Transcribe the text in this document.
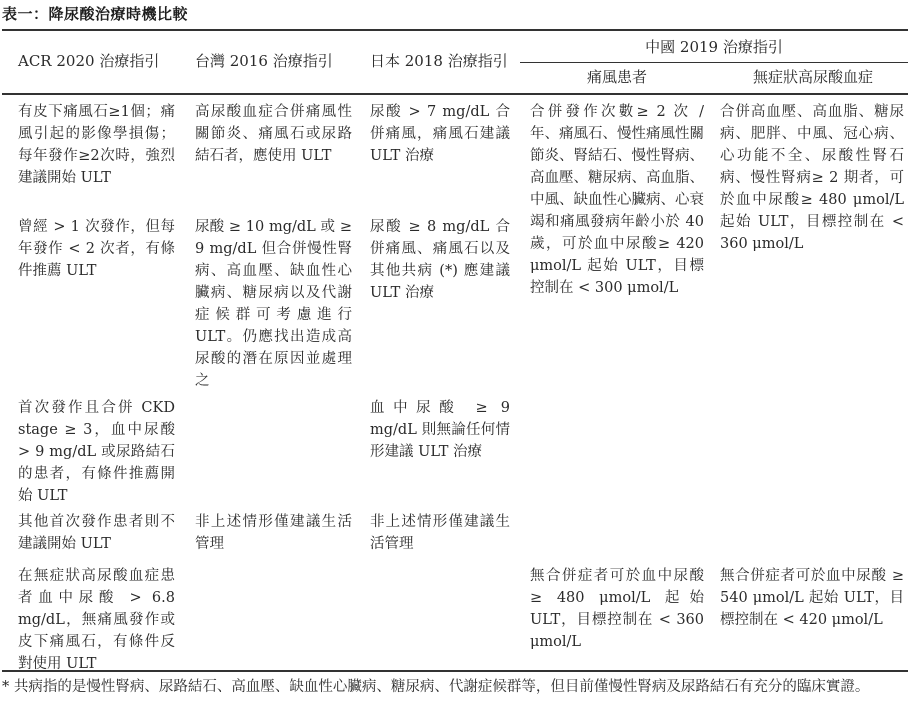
表一：降尿酸治療時機比較
ACR 2020 治療指引 台灣 2016 治療指引 日本 2018 治療指引
中國 2019 治療指引
痛風患者	無症狀高尿酸血症
有皮下痛風石≥1個；痛風引起的影像學損傷；每年發作≥2次時，強烈建議開始 ULT
高尿酸血症合併痛風性關節炎、痛風石或尿路結石者，應使用 ULT
尿酸 > 7 mg/dL 合併痛風，痛風石建議 ULT 治療
曾經 > 1 次發作，但每年發作 < 2 次者，有條件推薦 ULT
尿酸 ≥ 10 mg/dL 或 ≥ 9 mg/dL 但合併慢性腎病、高血壓、缺血性心臟病、糖尿病以及代謝症候群可考慮進行 ULT。仍應找出造成高尿酸的潛在原因並處理之
尿酸 ≥ 8 mg/dL 合併痛風、痛風石以及其他共病 (*) 應建議 ULT 治療
首次發作且合併 CKD stage ≥ 3，血中尿酸 > 9 mg/dL 或尿路結石的患者，有條件推薦開始 ULT
血中尿酸 ≥ 9 mg/dL 則無論任何情形建議 ULT 治療
其他首次發作患者則不建議開始 ULT
非上述情形僅建議生活管理
非上述情形僅建議生活管理
在無症狀高尿酸血症患者血中尿酸 > 6.8 mg/dL，無痛風發作或皮下痛風石，有條件反對使用 ULT
合併發作次數≥ 2 次 / 年、痛風石、慢性痛風性關節炎、腎結石、慢性腎病、高血壓、糖尿病、高血脂、中風、缺血性心臟病、心衰竭和痛風發病年齡小於 40 歲，可於血中尿酸≥ 420 μmol/L 起始 ULT，目標控制在 < 300 μmol/L
無合併症者可於血中尿酸 ≥ 480 μmol/L 起始 ULT，目標控制在 < 360 μmol/L
合併高血壓、高血脂、糖尿病、肥胖、中風、冠心病、心功能不全、尿酸性腎石病、慢性腎病≥ 2 期者，可於血中尿酸≥ 480 μmol/L 起始 ULT，目標控制在 < 360 μmol/L
無合併症者可於血中尿酸 ≥ 540 μmol/L 起始 ULT，目標控制在 < 420 μmol/L
* 共病指的是慢性腎病、尿路結石、高血壓、缺血性心臟病、糖尿病、代謝症候群等，但目前僅慢性腎病及尿路結石有充分的臨床實證。
